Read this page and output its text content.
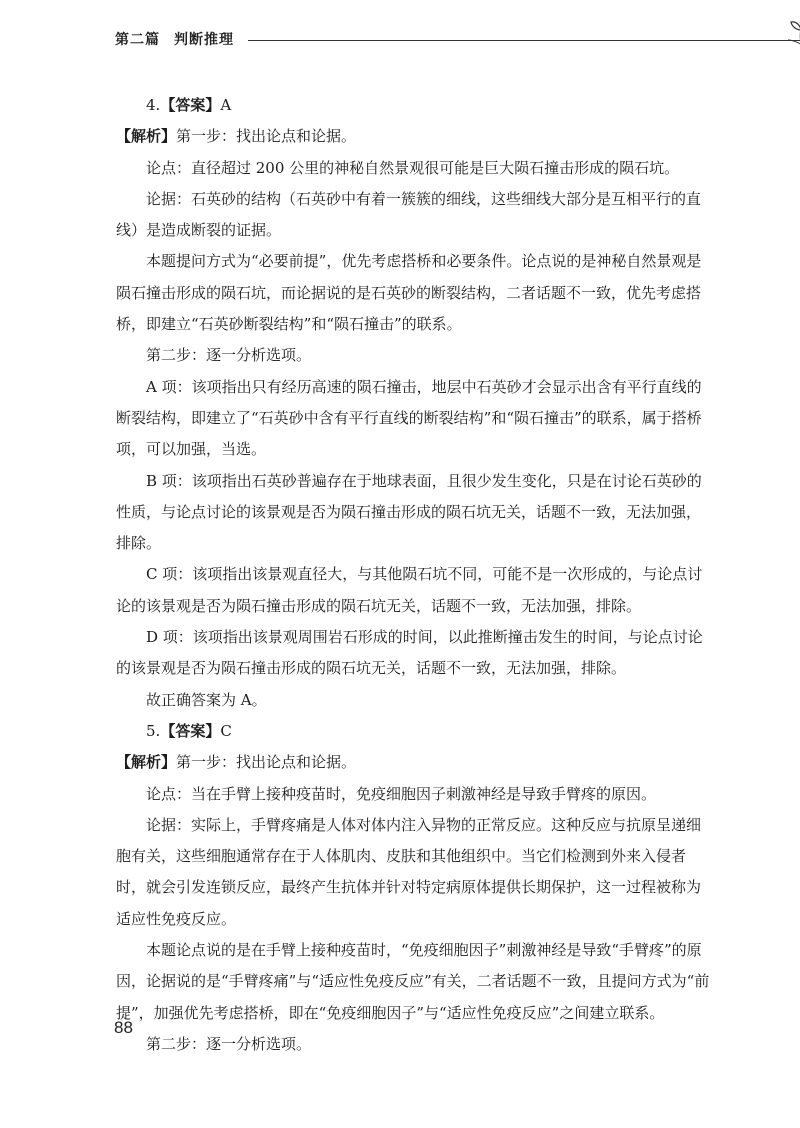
第二篇 判断推理

4.【答案】A

【解析】第一步：找出论点和论据。

论点：直径超过 200 公里的神秘自然景观很可能是巨大陨石撞击形成的陨石坑。

论据：石英砂的结构（石英砂中有着一簇簇的细线，这些细线大部分是互相平行的直线）是造成断裂的证据。

本题提问方式为“必要前提”，优先考虑搭桥和必要条件。论点说的是神秘自然景观是陨石撞击形成的陨石坑，而论据说的是石英砂的断裂结构，二者话题不一致，优先考虑搭桥，即建立“石英砂断裂结构”和“陨石撞击”的联系。

第二步：逐一分析选项。

A 项：该项指出只有经历高速的陨石撞击，地层中石英砂才会显示出含有平行直线的断裂结构，即建立了“石英砂中含有平行直线的断裂结构”和“陨石撞击”的联系，属于搭桥项，可以加强，当选。

B 项：该项指出石英砂普遍存在于地球表面，且很少发生变化，只是在讨论石英砂的性质，与论点讨论的该景观是否为陨石撞击形成的陨石坑无关，话题不一致，无法加强，排除。

C 项：该项指出该景观直径大，与其他陨石坑不同，可能不是一次形成的，与论点讨论的该景观是否为陨石撞击形成的陨石坑无关，话题不一致，无法加强，排除。

D 项：该项指出该景观周围岩石形成的时间，以此推断撞击发生的时间，与论点讨论的该景观是否为陨石撞击形成的陨石坑无关，话题不一致，无法加强，排除。

故正确答案为 A。

5.【答案】C

【解析】第一步：找出论点和论据。

论点：当在手臂上接种疫苗时，免疫细胞因子刺激神经是导致手臂疼的原因。

论据：实际上，手臂疼痛是人体对体内注入异物的正常反应。这种反应与抗原呈递细胞有关，这些细胞通常存在于人体肌肉、皮肤和其他组织中。当它们检测到外来入侵者时，就会引发连锁反应，最终产生抗体并针对特定病原体提供长期保护，这一过程被称为适应性免疫反应。

本题论点说的是在手臂上接种疫苗时，“免疫细胞因子”刺激神经是导致“手臂疼”的原因，论据说的是“手臂疼痛”与“适应性免疫反应”有关，二者话题不一致，且提问方式为“前提”，加强优先考虑搭桥，即在“免疫细胞因子”与“适应性免疫反应”之间建立联系。

第二步：逐一分析选项。

88
